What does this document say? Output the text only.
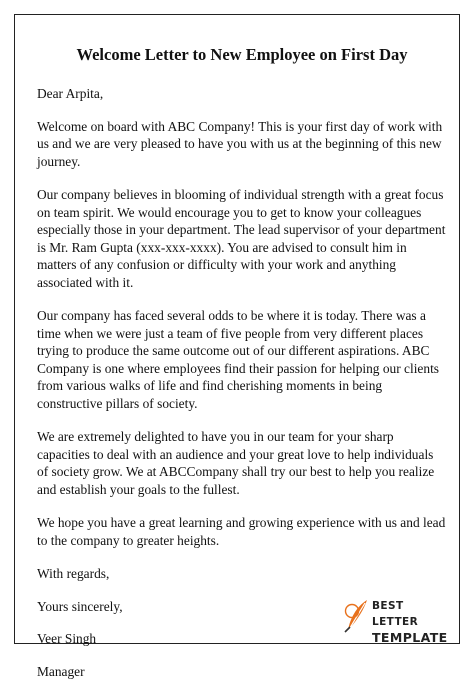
Welcome Letter to New Employee on First Day
Dear Arpita,
Welcome on board with ABC Company! This is your first day of work with us and we are very pleased to have you with us at the beginning of this new journey.
Our company believes in blooming of individual strength with a great focus on team spirit. We would encourage you to get to know your colleagues especially those in your department. The lead supervisor of your department is Mr. Ram Gupta (xxx-xxx-xxxx). You are advised to consult him in matters of any confusion or difficulty with your work and anything associated with it.
Our company has faced several odds to be where it is today. There was a time when we were just a team of five people from very different places trying to produce the same outcome out of our different aspirations. ABC Company is one where employees find their passion for helping our clients from various walks of life and find cherishing moments in being constructive pillars of society.
We are extremely delighted to have you in our team for your sharp capacities to deal with an audience and your great love to help individuals of society grow. We at ABCCompany shall try our best to help you realize and establish your goals to the fullest.
We hope you have a great learning and growing experience with us and lead to the company to greater heights.
With regards,
Yours sincerely,
Veer Singh
Manager
BEST LETTER
TEMPLATE
